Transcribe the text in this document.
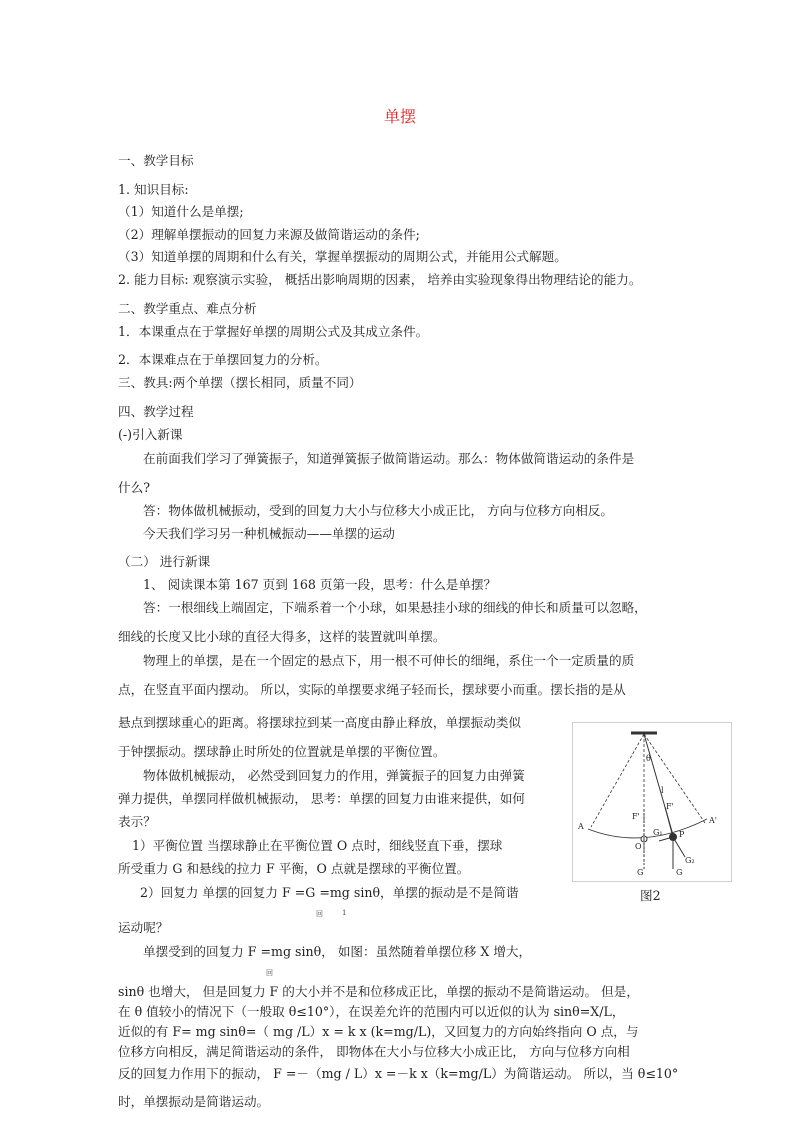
单摆
一、教学目标
1. 知识目标:
（1）知道什么是单摆;
（2）理解单摆振动的回复力来源及做简谐运动的条件;
（3）知道单摆的周期和什么有关，掌握单摆振动的周期公式，并能用公式解题。
2. 能力目标: 观察演示实验， 概括出影响周期的因素， 培养由实验现象得出物理结论的能力。
二、教学重点、难点分析
1．本课重点在于掌握好单摆的周期公式及其成立条件。
2．本课难点在于单摆回复力的分析。
三、教具:两个单摆（摆长相同，质量不同）
四、教学过程
(-)引入新课
在前面我们学习了弹簧振子，知道弹簧振子做简谐运动。那么：物体做简谐运动的条件是
什么?
答：物体做机械振动，受到的回复力大小与位移大小成正比， 方向与位移方向相反。
今天我们学习另一种机械振动——单摆的运动
（二） 进行新课
1、 阅读课本第 167 页到 168 页第一段，思考：什么是单摆？
答：一根细线上端固定，下端系着一个小球，如果悬挂小球的细线的伸长和质量可以忽略，
细线的长度又比小球的直径大得多，这样的装置就叫单摆。
物理上的单摆，是在一个固定的悬点下，用一根不可伸长的细绳，系住一个一定质量的质
点，在竖直平面内摆动。 所以，实际的单摆要求绳子轻而长，摆球要小而重。摆长指的是从
悬点到摆球重心的距离。将摆球拉到某一高度由静止释放，单摆振动类似
于钟摆振动。摆球静止时所处的位置就是单摆的平衡位置。
物体做机械振动， 必然受到回复力的作用，弹簧振子的回复力由弹簧
弹力提供，单摆同样做机械振动， 思考：单摆的回复力由谁来提供，如何
表示？
1）平衡位置 当摆球静止在平衡位置 O 点时，细线竖直下垂，摆球
所受重力 G 和悬线的拉力 F 平衡，O 点就是摆球的平衡位置。
2）回复力 单摆的回复力 F =G =mg sinθ，单摆的振动是不是简谐
回	1
运动呢？
单摆受到的回复力 F =mg sinθ， 如图：虽然随着单摆位移 X 增大，
回
sinθ 也增大， 但是回复力 F 的大小并不是和位移成正比，单摆的振动不是简谐运动。 但是，
在 θ 值较小的情况下（一般取 θ≤10°），在误差允许的范围内可以近似的认为 sinθ=X/L，
近似的有 F= mg sinθ=（ mg /L）x = k x (k=mg/L)，又回复力的方向始终指向 O 点，与
位移方向相反，满足简谐运动的条件， 即物体在大小与位移大小成正比， 方向与位移方向相
反的回复力作用下的振动， F =－（mg / L）x =－k x（k=mg/L）为简谐运动。 所以，当 θ≤10°
时，单摆振动是简谐运动。
θ
l
F'
F'
A
A'
G₁ P
O
G₂
G	G
图2
